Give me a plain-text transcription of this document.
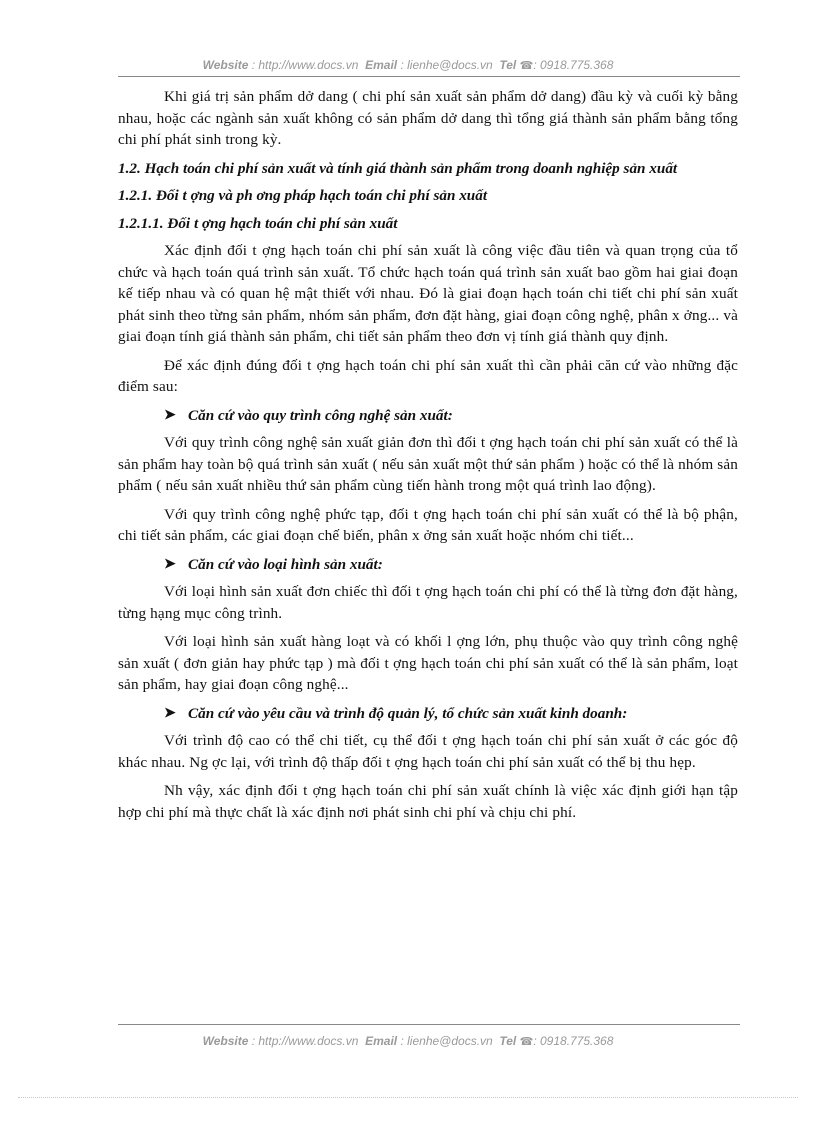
Website : http://www.docs.vn Email : lienhe@docs.vn Tel ☎: 0918.775.368

Khi giá trị sản phẩm dở dang ( chi phí sản xuất sản phẩm dở dang) đầu kỳ và cuối kỳ bằng nhau, hoặc các ngành sản xuất không có sản phẩm dở dang thì tổng giá thành sản phẩm bằng tổng chi phí phát sinh trong kỳ.

1.2. Hạch toán chi phí sản xuất và tính giá thành sản phẩm trong doanh nghiệp sản xuất
1.2.1. Đối t ợng và ph ơng pháp hạch toán chi phí sản xuất
1.2.1.1. Đối t ợng hạch toán chi phí sản xuất

Xác định đối t ợng hạch toán chi phí sản xuất là công việc đầu tiên và quan trọng của tổ chức và hạch toán quá trình sản xuất. Tổ chức hạch toán quá trình sản xuất bao gồm hai giai đoạn kế tiếp nhau và có quan hệ mật thiết với nhau. Đó là giai đoạn hạch toán chi tiết chi phí sản xuất phát sinh theo từng sản phẩm, nhóm sản phẩm, đơn đặt hàng, giai đoạn công nghệ, phân x ởng... và giai đoạn tính giá thành sản phẩm, chi tiết sản phẩm theo đơn vị tính giá thành quy định.

Để xác định đúng đối t ợng hạch toán chi phí sản xuất thì cần phải căn cứ vào những đặc điểm sau:

➤ Căn cứ vào quy trình công nghệ sản xuất:

Với quy trình công nghệ sản xuất giản đơn thì đối t ợng hạch toán chi phí sản xuất có thể là sản phẩm hay toàn bộ quá trình sản xuất ( nếu sản xuất một thứ sản phẩm ) hoặc có thể là nhóm sản phẩm ( nếu sản xuất nhiều thứ sản phẩm cùng tiến hành trong một quá trình lao động).

Với quy trình công nghệ phức tạp, đối t ợng hạch toán chi phí sản xuất có thể là bộ phận, chi tiết sản phẩm, các giai đoạn chế biến, phân x ởng sản xuất hoặc nhóm chi tiết...

➤ Căn cứ vào loại hình sản xuất:

Với loại hình sản xuất đơn chiếc thì đối t ợng hạch toán chi phí có thể là từng đơn đặt hàng, từng hạng mục công trình.

Với loại hình sản xuất hàng loạt và có khối l ợng lớn, phụ thuộc vào quy trình công nghệ sản xuất ( đơn giản hay phức tạp ) mà đối t ợng hạch toán chi phí sản xuất có thể là sản phẩm, loạt sản phẩm, hay giai đoạn công nghệ...

➤ Căn cứ vào yêu cầu và trình độ quản lý, tổ chức sản xuất kinh doanh:

Với trình độ cao có thể chi tiết, cụ thể đối t ợng hạch toán chi phí sản xuất ở các góc độ khác nhau. Ng ợc lại, với trình độ thấp đối t ợng hạch toán chi phí sản xuất có thể bị thu hẹp.

Nh vậy, xác định đối t ợng hạch toán chi phí sản xuất chính là việc xác định giới hạn tập hợp chi phí mà thực chất là xác định nơi phát sinh chi phí và chịu chi phí.

Website : http://www.docs.vn Email : lienhe@docs.vn Tel ☎: 0918.775.368
